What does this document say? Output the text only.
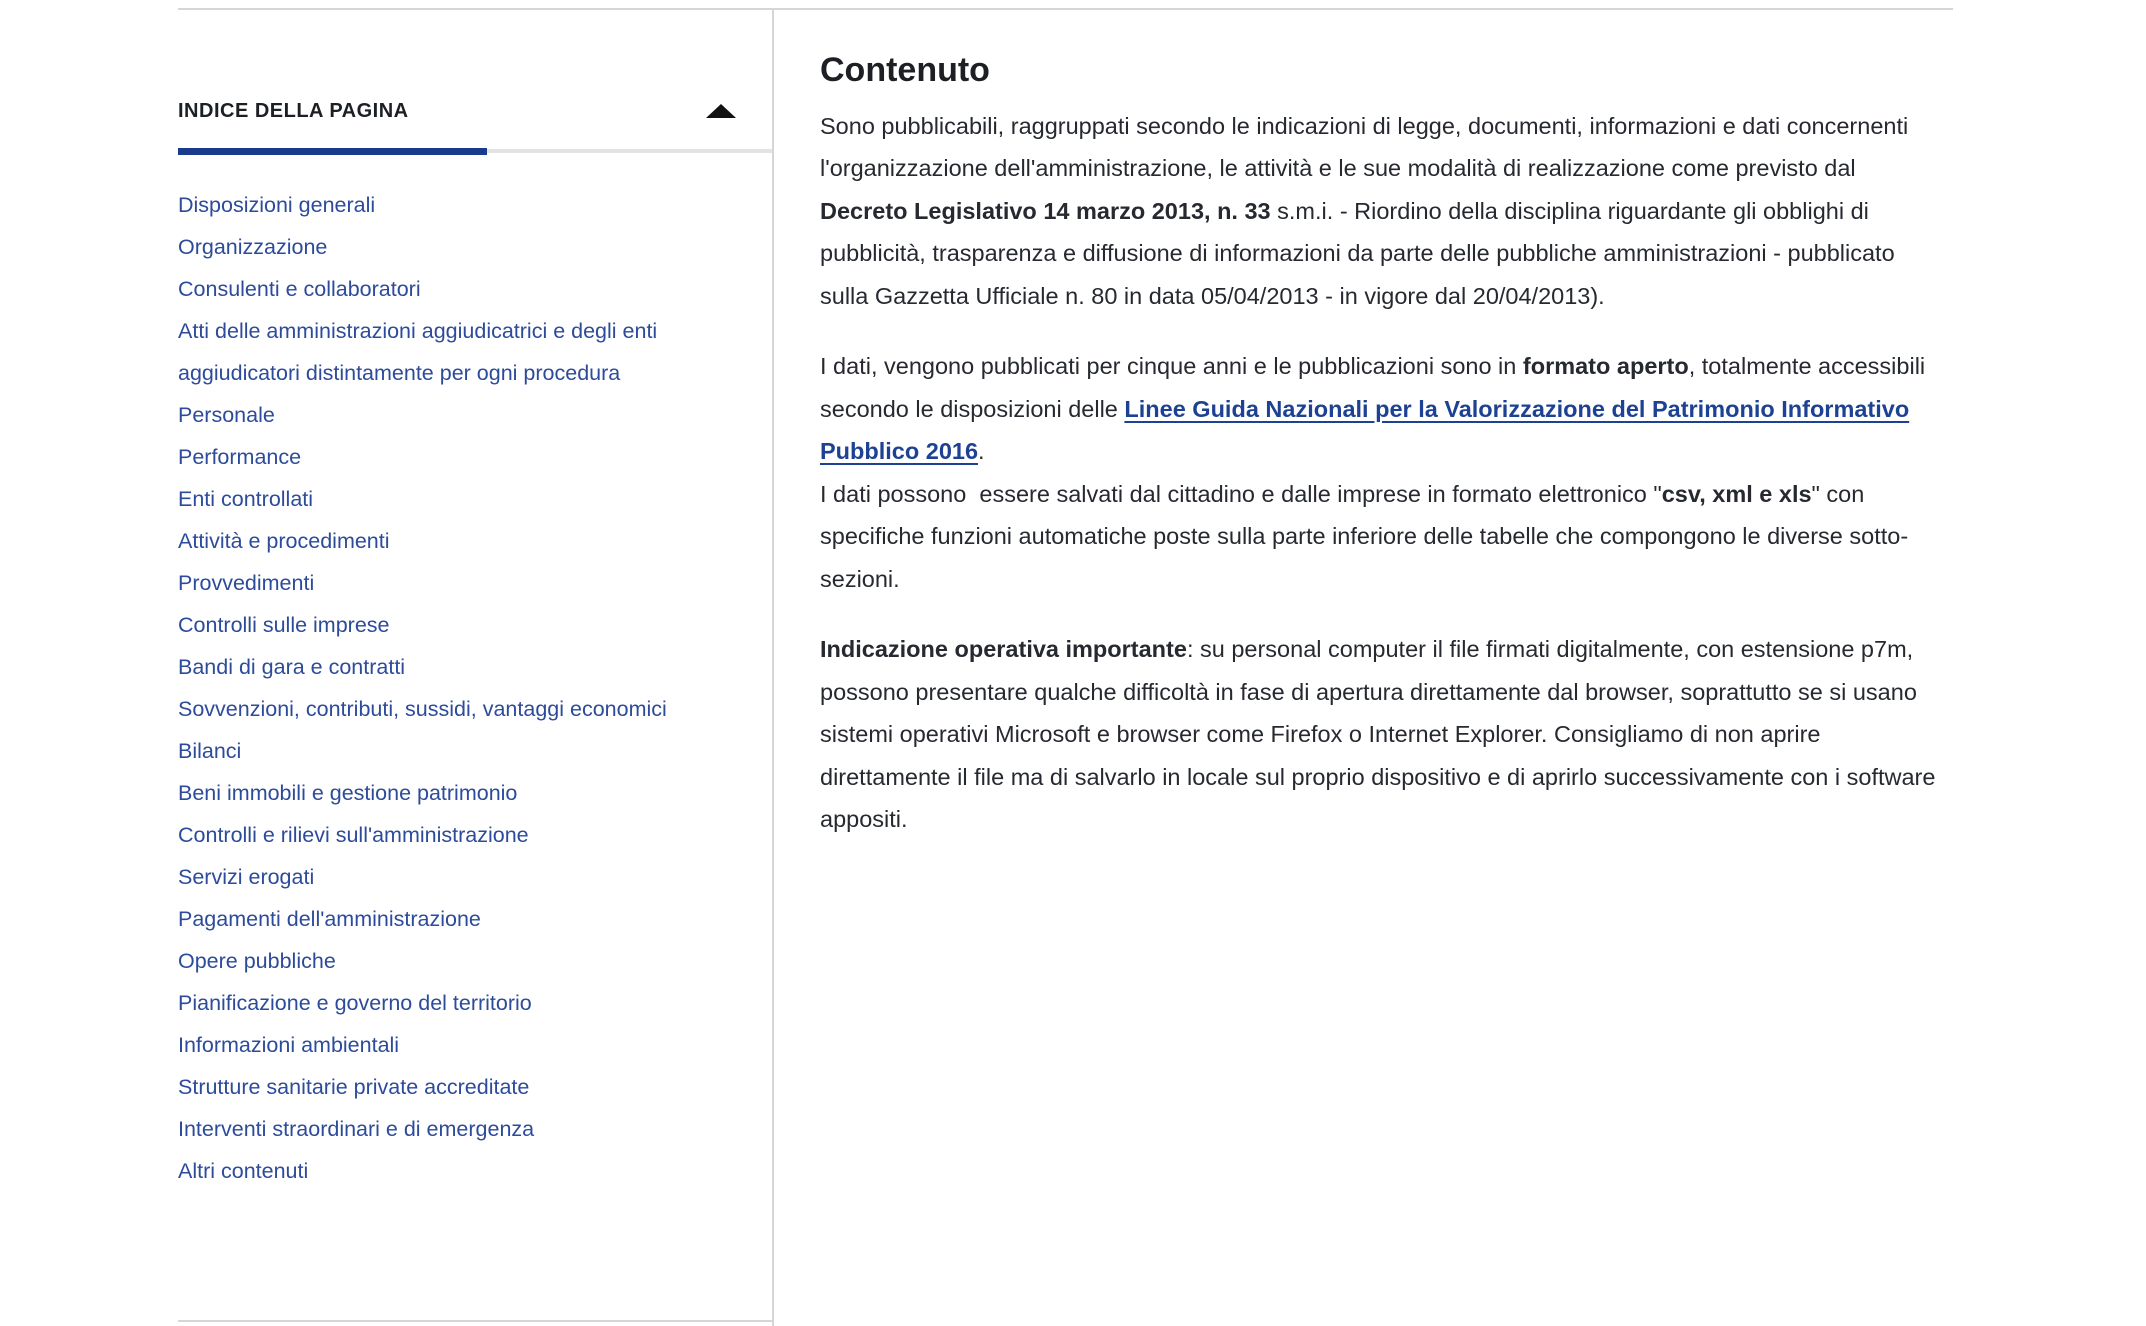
INDICE DELLA PAGINA
Disposizioni generali
Organizzazione
Consulenti e collaboratori
Atti delle amministrazioni aggiudicatrici e degli enti aggiudicatori distintamente per ogni procedura
Personale
Performance
Enti controllati
Attività e procedimenti
Provvedimenti
Controlli sulle imprese
Bandi di gara e contratti
Sovvenzioni, contributi, sussidi, vantaggi economici
Bilanci
Beni immobili e gestione patrimonio
Controlli e rilievi sull'amministrazione
Servizi erogati
Pagamenti dell'amministrazione
Opere pubbliche
Pianificazione e governo del territorio
Informazioni ambientali
Strutture sanitarie private accreditate
Interventi straordinari e di emergenza
Altri contenuti
Contenuto

Sono pubblicabili, raggruppati secondo le indicazioni di legge, documenti, informazioni e dati concernenti l'organizzazione dell'amministrazione, le attività e le sue modalità di realizzazione come previsto dal Decreto Legislativo 14 marzo 2013, n. 33 s.m.i. - Riordino della disciplina riguardante gli obblighi di pubblicità, trasparenza e diffusione di informazioni da parte delle pubbliche amministrazioni - pubblicato sulla Gazzetta Ufficiale n. 80 in data 05/04/2013 - in vigore dal 20/04/2013).

I dati, vengono pubblicati per cinque anni e le pubblicazioni sono in formato aperto, totalmente accessibili secondo le disposizioni delle Linee Guida Nazionali per la Valorizzazione del Patrimonio Informativo Pubblico 2016.
I dati possono  essere salvati dal cittadino e dalle imprese in formato elettronico "csv, xml e xls" con specifiche funzioni automatiche poste sulla parte inferiore delle tabelle che compongono le diverse sotto-sezioni.

Indicazione operativa importante: su personal computer il file firmati digitalmente, con estensione p7m, possono presentare qualche difficoltà in fase di apertura direttamente dal browser, soprattutto se si usano sistemi operativi Microsoft e browser come Firefox o Internet Explorer. Consigliamo di non aprire direttamente il file ma di salvarlo in locale sul proprio dispositivo e di aprirlo successivamente con i software appositi.
